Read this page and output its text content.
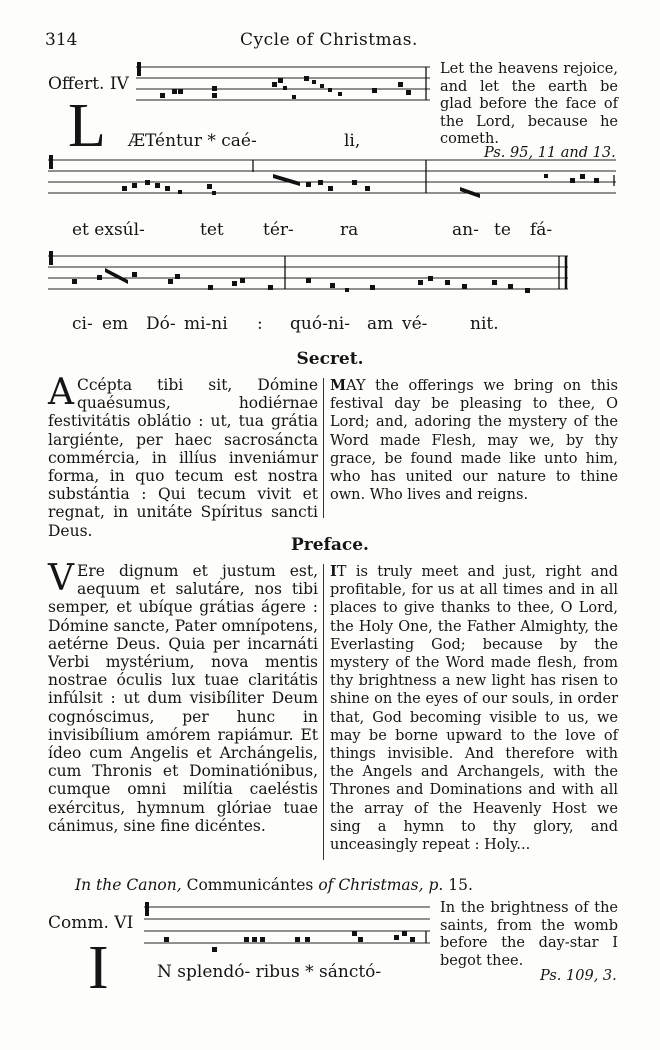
314	Cycle of Christmas.
Offert. IV
L ÆTéntur * caé-	li,
Let the heavens rejoice, and let the earth be glad before the face of the Lord, because he cometh.
Ps. 95, 11 and 13.
et exsúl-	tet tér-	ra	an- te fá-
ci- em Dó- mi-ni : quó-ni- am vé-	nit.
Secret.
A Ccépta tibi sit, Dómine quaésumus, hodiérnae festivitátis oblátio : ut, tua grátia largiénte, per haec sacrosáncta commércia, in illíus inveniámur forma, in quo tecum est nostra substántia : Qui tecum vivit et regnat, in unitáte Spíritus sancti Deus.
MAY the offerings we bring on this festival day be pleasing to thee, O Lord; and, adoring the mystery of the Word made Flesh, may we, by thy grace, be found made like unto him, who has united our nature to thine own. Who lives and reigns.
Preface.
V Ere dignum et justum est, aequum et salutáre, nos tibi semper, et ubíque grátias ágere : Dómine sancte, Pater omnípotens, aetérne Deus. Quia per incarnáti Verbi mystérium, nova mentis nostrae óculis lux tuae claritátis infúlsit : ut dum visibíliter Deum cognóscimus, per hunc in invisibílium amórem rapiámur. Et ídeo cum Angelis et Archángelis, cum Thronis et Dominatiónibus, cumque omni milítia caeléstis exércitus, hymnum glóriae tuae cánimus, sine fine dicéntes.
IT is truly meet and just, right and profitable, for us at all times and in all places to give thanks to thee, O Lord, the Holy One, the Father Almighty, the Everlasting God; because by the mystery of the Word made flesh, from thy brightness a new light has risen to shine on the eyes of our souls, in order that, God becoming visible to us, we may be borne upward to the love of things invisible. And therefore with the Angels and Archangels, with the Thrones and Dominations and with all the array of the Heavenly Host we sing a hymn to thy glory, and unceasingly repeat : Holy...
In the Canon, Communicántes of Christmas, p. 15.
Comm. VI
I	N splendó- ribus * sánctó-
In the brightness of the saints, from the womb before the day-star I begot thee.
Ps. 109, 3.
